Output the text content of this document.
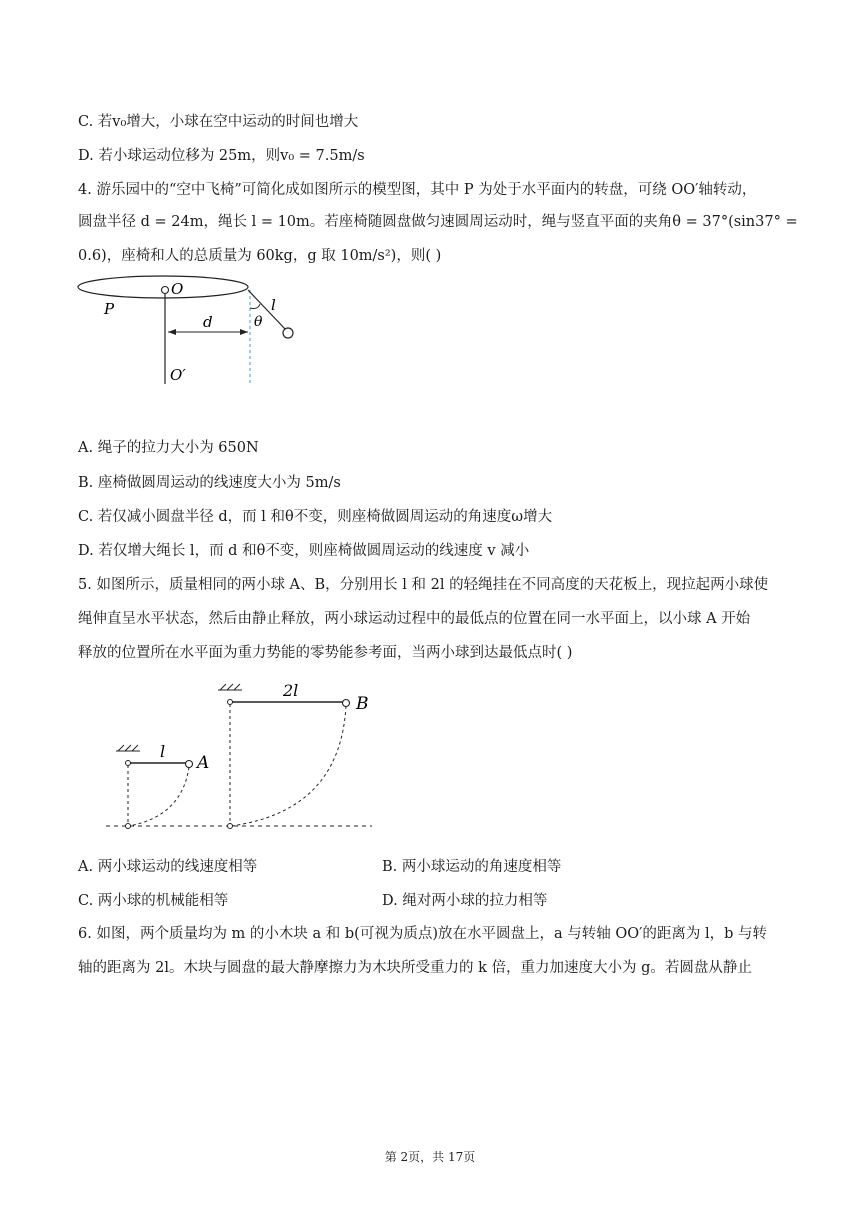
C. 若v₀增大，小球在空中运动的时间也增大
D. 若小球运动位移为 25m，则v₀ = 7.5m/s
4. 游乐园中的“空中飞椅”可简化成如图所示的模型图，其中 P 为处于水平面内的转盘，可绕 OO′轴转动，
圆盘半径 d = 24m，绳长 l = 10m。若座椅随圆盘做匀速圆周运动时，绳与竖直平面的夹角θ = 37°(sin37° =
0.6)，座椅和人的总质量为 60kg，g 取 10m/s²)，则( )
O
P
d
l
θ
O′
A. 绳子的拉力大小为 650N
B. 座椅做圆周运动的线速度大小为 5m/s
C. 若仅减小圆盘半径 d，而 l 和θ不变，则座椅做圆周运动的角速度ω增大
D. 若仅增大绳长 l，而 d 和θ不变，则座椅做圆周运动的线速度 v 减小
5. 如图所示，质量相同的两小球 A、B，分别用长 l 和 2l 的轻绳挂在不同高度的天花板上，现拉起两小球使
绳伸直呈水平状态，然后由静止释放，两小球运动过程中的最低点的位置在同一水平面上，以小球 A 开始
释放的位置所在水平面为重力势能的零势能参考面，当两小球到达最低点时( )
2l
B
l
A
A. 两小球运动的线速度相等	B. 两小球运动的角速度相等
C. 两小球的机械能相等	D. 绳对两小球的拉力相等
6. 如图，两个质量均为 m 的小木块 a 和 b(可视为质点)放在水平圆盘上，a 与转轴 OO′的距离为 l，b 与转
轴的距离为 2l。木块与圆盘的最大静摩擦力为木块所受重力的 k 倍，重力加速度大小为 g。若圆盘从静止
第 2页，共 17页
